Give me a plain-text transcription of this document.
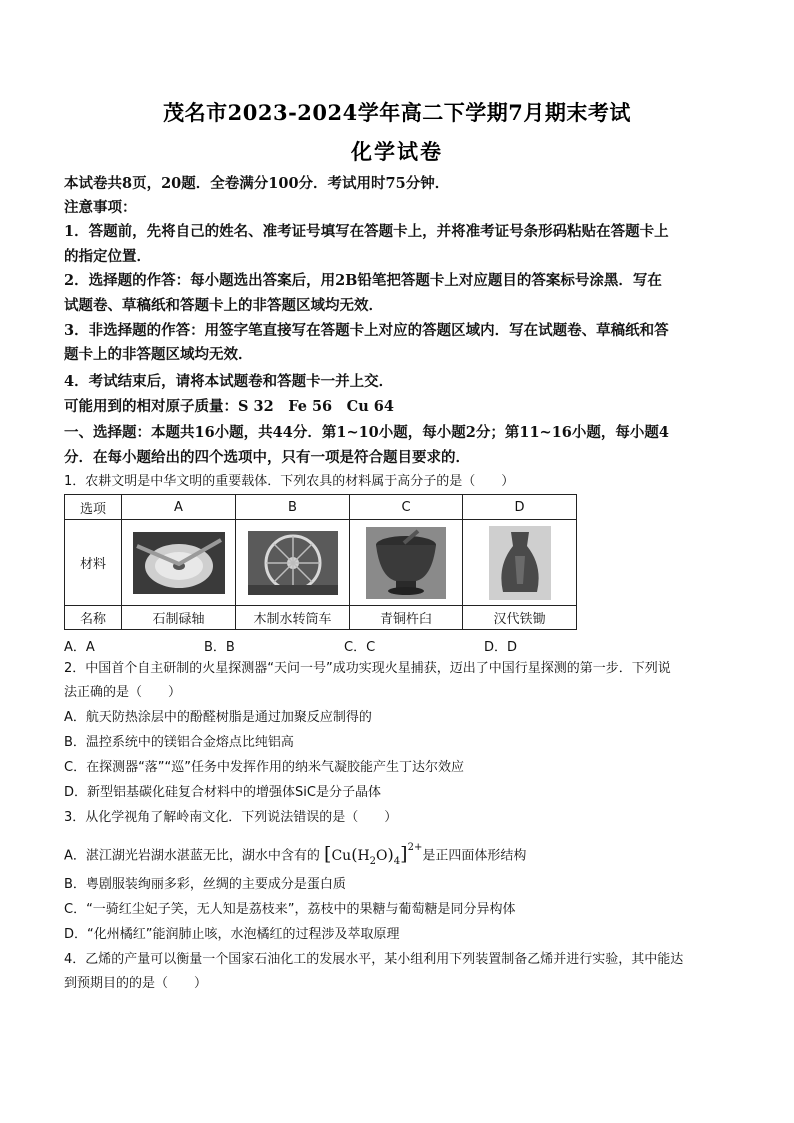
茂名市2023-2024学年高二下学期7月期末考试
化学试卷
本试卷共8页，20题．全卷满分100分．考试用时75分钟．
注意事项：
1．答题前，先将自己的姓名、准考证号填写在答题卡上，并将准考证号条形码粘贴在答题卡上
的指定位置．
2．选择题的作答：每小题选出答案后，用2B铅笔把答题卡上对应题目的答案标号涂黑．写在
试题卷、草稿纸和答题卡上的非答题区域均无效．
3．非选择题的作答：用签字笔直接写在答题卡上对应的答题区域内．写在试题卷、草稿纸和答
题卡上的非答题区域均无效．
4．考试结束后，请将本试题卷和答题卡一并上交．
可能用到的相对原子质量：S 32　Fe 56　Cu 64
一、选择题：本题共16小题，共44分．第1~10小题，每小题2分；第11~16小题，每小题4
分．在每小题给出的四个选项中，只有一项是符合题目要求的．
1．农耕文明是中华文明的重要载体．下列农具的材料属于高分子的是（　　）
选项	A	B	C	D
材料	

名称	石制碌轴	木制水转筒车	青铜杵臼	汉代铁锄
A．A	B．B	C．C	D．D
2．中国首个自主研制的火星探测器“天问一号”成功实现火星捕获，迈出了中国行星探测的第一步．下列说
法正确的是（　　）
A．航天防热涂层中的酚醛树脂是通过加聚反应制得的
B．温控系统中的镁铝合金熔点比纯铝高
C．在探测器“落”“巡”任务中发挥作用的纳米气凝胶能产生丁达尔效应
D．新型铝基碳化硅复合材料中的增强体SiC是分子晶体
3．从化学视角了解岭南文化．下列说法错误的是（　　）
A．湛江湖光岩湖水湛蓝无比，湖水中含有的 $[Cu(H_2O)_4]^{2+}$是正四面体形结构
B．粤剧服装绚丽多彩，丝绸的主要成分是蛋白质
C．“一骑红尘妃子笑，无人知是荔枝来”，荔枝中的果糖与葡萄糖是同分异构体
D．“化州橘红”能润肺止咳，水泡橘红的过程涉及萃取原理
4．乙烯的产量可以衡量一个国家石油化工的发展水平，某小组利用下列装置制备乙烯并进行实验，其中能达
到预期目的的是（　　）
